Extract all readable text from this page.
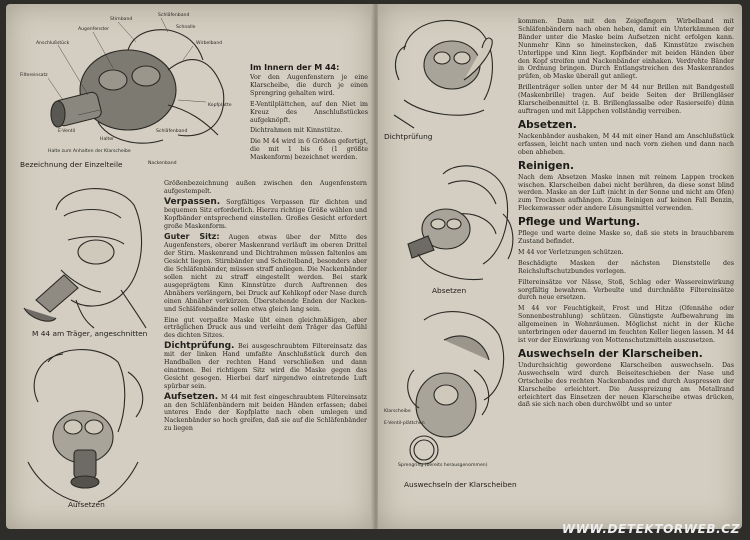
Stirnband
Schläfenband
Schnalle
Augenfenster
Anschlußstück	Wirbelband
Filtereinsatz
E-Ventil
Kopfplatte
Halter
Schläfenband
Nackenband
Halte zum Anhalten der Klarscheibe
Bezeichnung der Einzelteile
M 44 am Träger, angeschnitten
Aufsetzen
Im Innern der M 44:

Vor den Augenfenstern je eine Klarscheibe, die durch je einen Sprengring gehalten wird.

E-Ventilplättchen, auf den Niet im Kreuz des Anschlußstückes aufgeknöpft.

Dichtrahmen mit Kinnstütze.

Die M 44 wird in 6 Größen gefertigt, die mit 1 bis 6 (1 größte Maskenform) bezeichnet werden.

Größenbezeichnung außen zwischen den Augenfenstern aufgestempelt.

Verpassen. Sorgfältiges Verpassen für dichten und bequemen Sitz erforderlich. Hierzu richtige Größe wählen und Kopfbänder entsprechend einstellen. Großes Gesicht erfordert große Maskenform.

Guter Sitz: Augen etwas über der Mitte des Augenfensters, oberer Maskenrand verläuft im oberen Drittel der Stirn. Maskenrand und Dichtrahmen müssen faltenlos am Gesicht liegen. Stirnbänder und Scheitelband, besonders aber die Schläfenbänder, müssen straff anliegen. Die Nackenbänder sollen nicht zu straff eingestellt werden. Bei stark ausgeprägtem Kinn Kinnstütze durch Auftrennen des Abnähers verlängern, bei Druck auf Kehlkopf oder Nase durch einen Abnäher verkürzen. Überstehende Enden der Nacken- und Schläfenbänder sollen etwa gleich lang sein.

Eine gut verpaßte Maske übt einen gleichmäßigen, aber erträglichen Druck aus und verleiht dem Träger das Gefühl des dichten Sitzes.

Dichtprüfung. Bei ausgeschraubtem Filtereinsatz das mit der linken Hand umfaßte Anschlußstück durch den Handballen der rechten Hand verschließen und dann einatmen. Bei richtigem Sitz wird die Maske gegen das Gesicht gesogen. Hierbei darf nirgendwo eintretende Luft spürbar sein.

Aufsetzen. M 44 mit fest eingeschraubtem Filtereinsatz an den Schläfenbändern mit beiden Händen erfassen; dabei unteres Ende der Kopfplatte nach oben umlegen und Nackenbänder so hoch greifen, daß sie auf die Schläfenbänder zu liegen

Dichtprüfung
Absetzen
Klarscheibe
E-Ventil-plättchen
Sprengring (bereits herausgenommen)
Auswechseln der Klarscheiben

kommen. Dann mit den Zeigefingern Wirbelband mit Schläfenbändern nach oben heben, damit ein Unterkämmen der Bänder unter die Maske beim Aufsetzen nicht erfolgen kann. Nunmehr Kinn so hineinstecken, daß Kinnstütze zwischen Unterlippe und Kinn liegt. Kopfbänder mit beiden Händen über den Kopf streifen und Nackenbänder einhaken. Verdrehte Bänder in Ordnung bringen. Durch Entlangstreichen des Maskenrandes prüfen, ob Maske überall gut anliegt.

Brillenträger sollen unter der M 44 nur Brillen mit Bandgestell (Maskenbrille) tragen. Auf beide Seiten der Brillengläser Klarscheibenmittel (z. B. Brillenglassalbe oder Rasierseife) dünn auftragen und mit Läppchen vollständig verreiben.

Absetzen.

Nackenbänder aushaken, M 44 mit einer Hand am Anschlußstück erfassen, leicht nach unten und nach vorn ziehen und dann nach oben abheben.

Reinigen.

Nach dem Absetzen Maske innen mit reinem Lappen trocken wischen. Klarscheiben dabei nicht berühren, da diese sonst blind werden. Maske an der Luft (nicht in der Sonne und nicht am Ofen) zum Trocknen aufhängen. Zum Reinigen auf keinen Fall Benzin, Fleckenwasser oder andere Lösungsmittel verwenden.

Pflege und Wartung.

Pflege und warte deine Maske so, daß sie stets in brauchbarem Zustand befindet.

M 44 vor Verletzungen schützen.

Beschädigte Masken der nächsten Dienststelle des Reichsluftschutzbundes vorlegen.

Filtereinsätze vor Nässe, Stoß, Schlag oder Wassereinwirkung sorgfältig bewahren. Verbeulte und durchnäßte Filtereinsätze durch neue ersetzen.

M 44 vor Feuchtigkeit, Frost und Hitze (Ofennähe oder Sonnenbestrahlung) schützen. Günstigste Aufbewahrung im allgemeinen in Wohnräumen. Möglichst nicht in der Küche unterbringen oder dauernd im feuchten Keller liegen lassen. M 44 ist vor der Einwirkung von Mottenschutzmitteln auszusetzen.

Auswechseln der Klarscheiben.

Undurchsichtig gewordene Klarscheiben auswechseln. Das Auswechseln wird durch Beiseiteschieben der Nase und Ortscheibe des rechten Nackenbandes und durch Auspressen der Klarscheibe erleichtert. Die Ausspreizung am Metallrand erleichtert das Einsetzen der neuen Klarscheibe etwas drücken, daß sie sich nach oben durchwölbt und so unter

WWW.DETEKTORWEB.CZ
